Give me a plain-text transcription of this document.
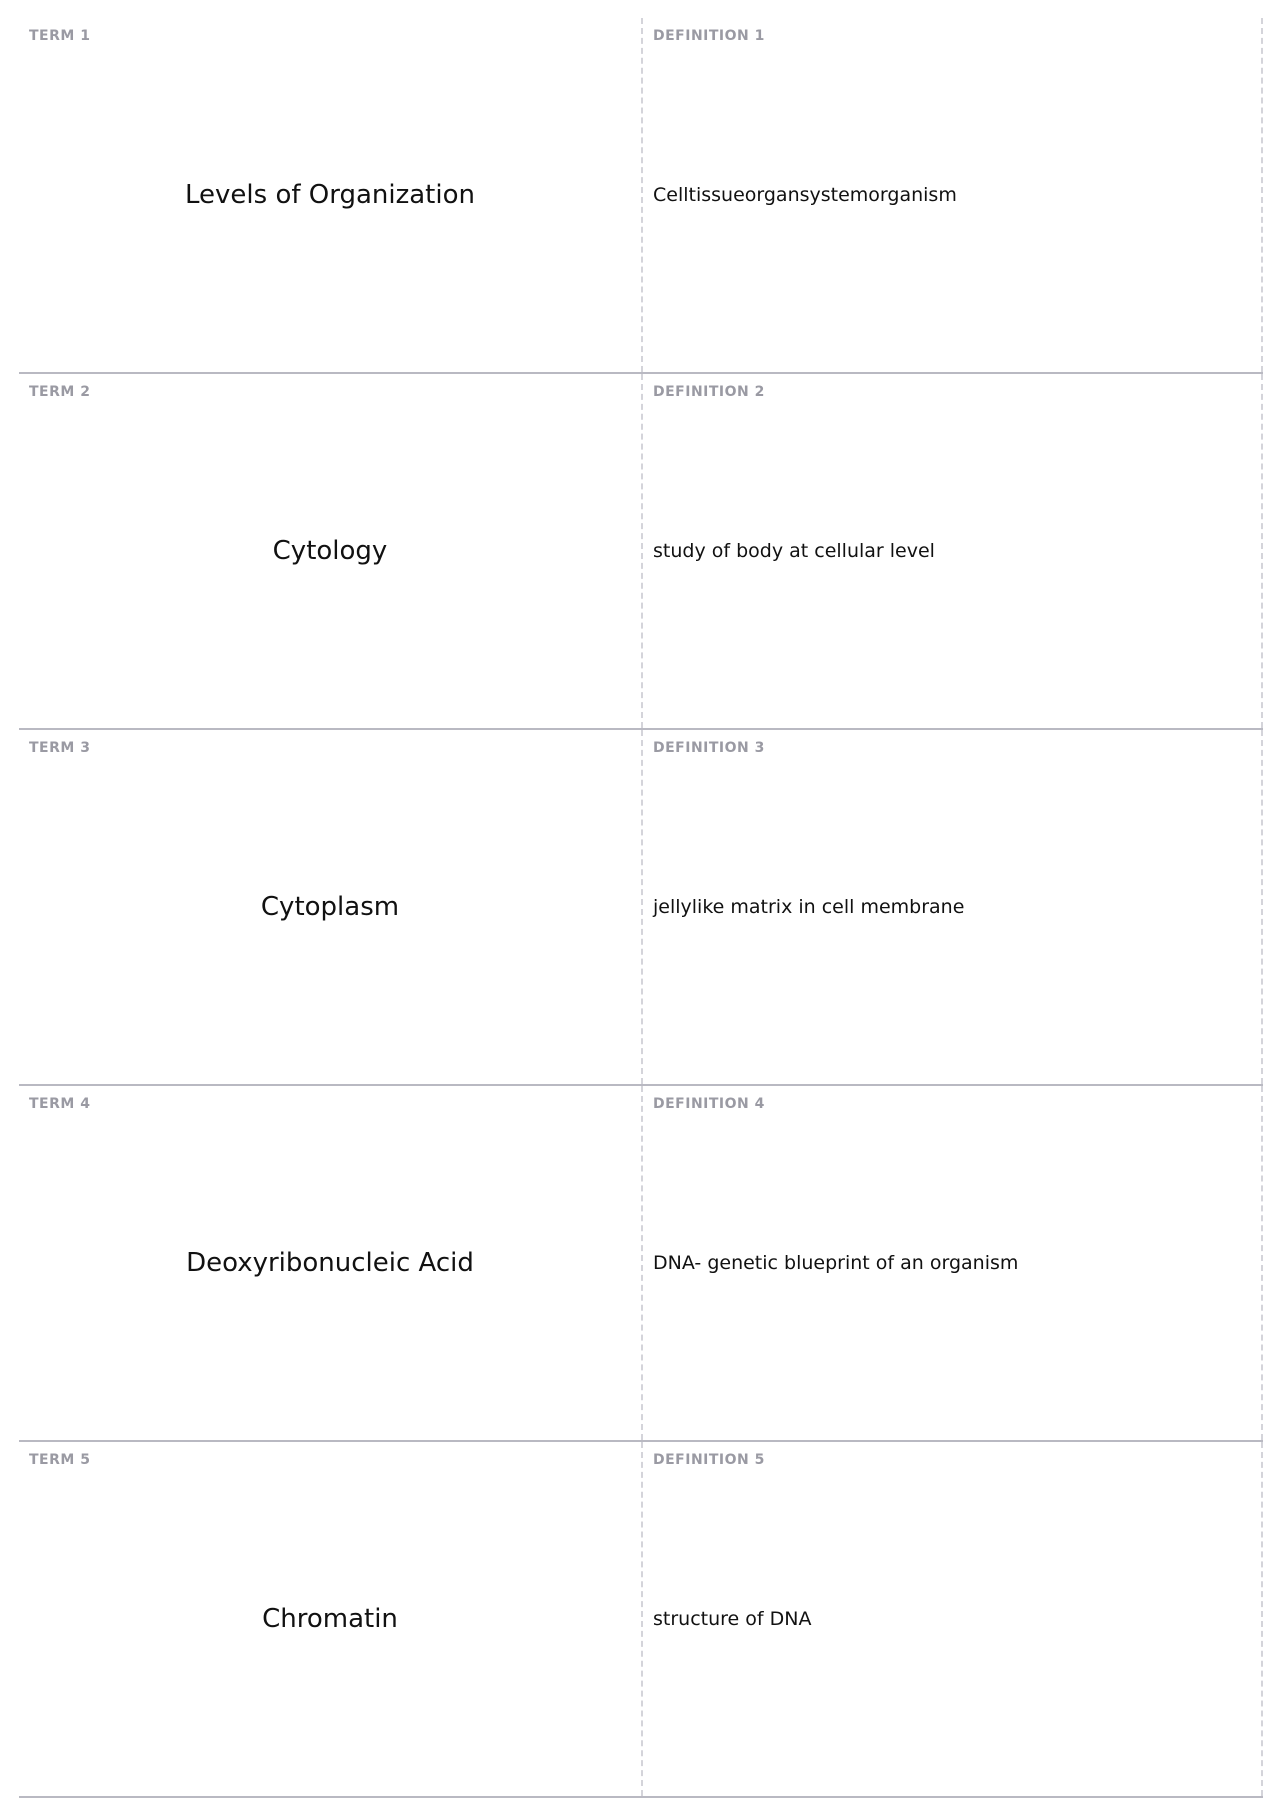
TERM 1
Levels of Organization
DEFINITION 1
Celltissueorgansystemorganism
TERM 2
Cytology
DEFINITION 2
study of body at cellular level
TERM 3
Cytoplasm
DEFINITION 3
jellylike matrix in cell membrane
TERM 4
Deoxyribonucleic Acid
DEFINITION 4
DNA- genetic blueprint of an organism
TERM 5
Chromatin
DEFINITION 5
structure of DNA
